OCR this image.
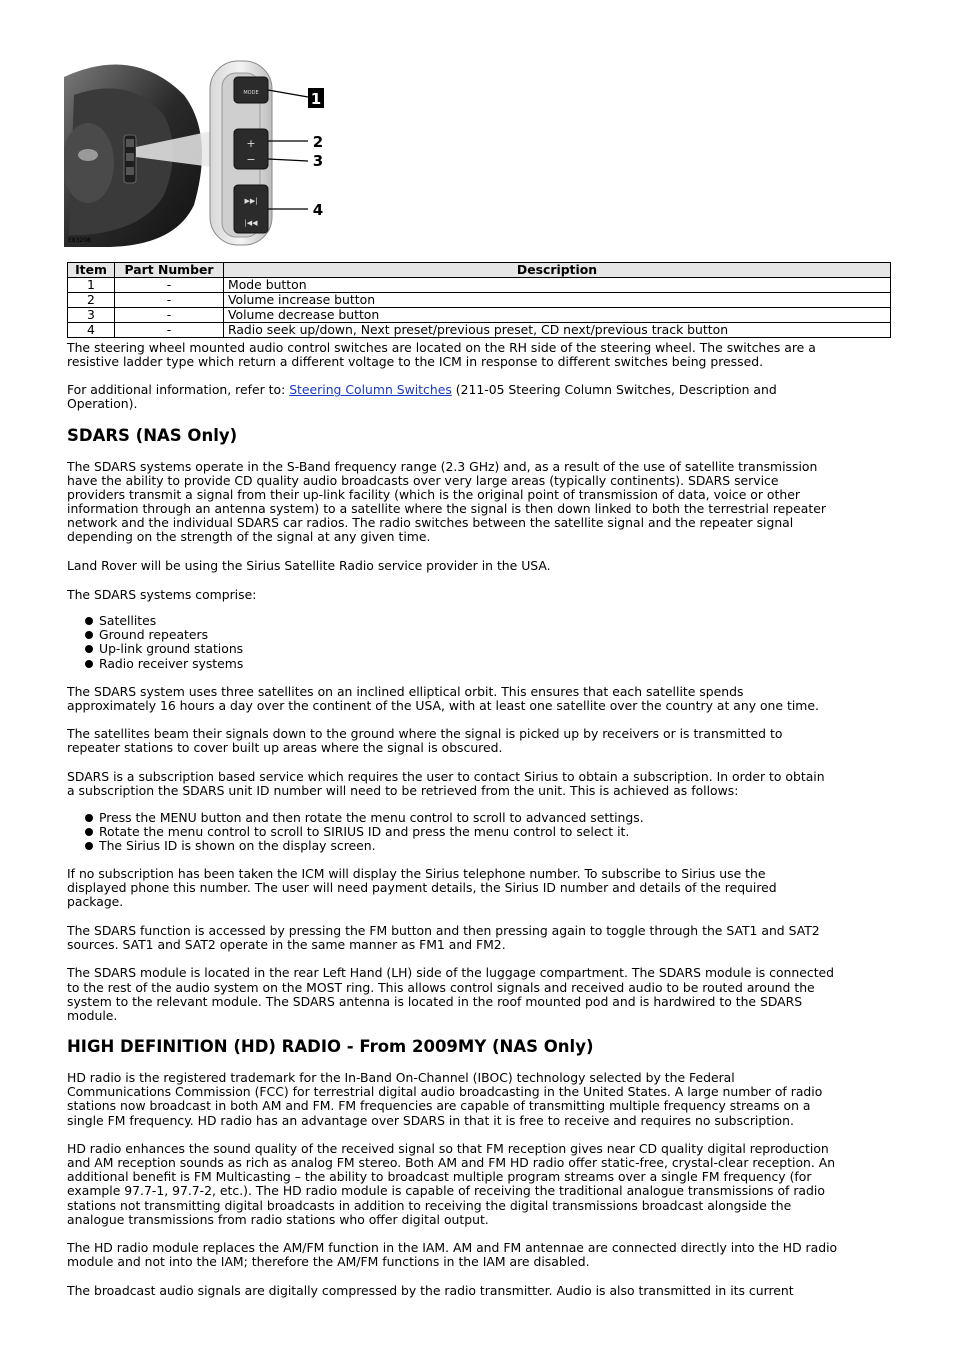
MODE
+
−
▶▶|
|◀◀
1
2
3
4
E83208
Item	Part Number	Description
1	-	Mode button
2	-	Volume increase button
3	-	Volume decrease button
4	-	Radio seek up/down, Next preset/previous preset, CD next/previous track button

The steering wheel mounted audio control switches are located on the RH side of the steering wheel. The switches are a
resistive ladder type which return a different voltage to the ICM in response to different switches being pressed.

For additional information, refer to: Steering Column Switches (211-05 Steering Column Switches, Description and
Operation).

SDARS (NAS Only)

The SDARS systems operate in the S-Band frequency range (2.3 GHz) and, as a result of the use of satellite transmission
have the ability to provide CD quality audio broadcasts over very large areas (typically continents). SDARS service
providers transmit a signal from their up-link facility (which is the original point of transmission of data, voice or other
information through an antenna system) to a satellite where the signal is then down linked to both the terrestrial repeater
network and the individual SDARS car radios. The radio switches between the satellite signal and the repeater signal
depending on the strength of the signal at any given time.

Land Rover will be using the Sirius Satellite Radio service provider in the USA.

The SDARS systems comprise:

Satellites
Ground repeaters
Up-link ground stations
Radio receiver systems

The SDARS system uses three satellites on an inclined elliptical orbit. This ensures that each satellite spends
approximately 16 hours a day over the continent of the USA, with at least one satellite over the country at any one time.

The satellites beam their signals down to the ground where the signal is picked up by receivers or is transmitted to
repeater stations to cover built up areas where the signal is obscured.

SDARS is a subscription based service which requires the user to contact Sirius to obtain a subscription. In order to obtain
a subscription the SDARS unit ID number will need to be retrieved from the unit. This is achieved as follows:

Press the MENU button and then rotate the menu control to scroll to advanced settings.
Rotate the menu control to scroll to SIRIUS ID and press the menu control to select it.
The Sirius ID is shown on the display screen.

If no subscription has been taken the ICM will display the Sirius telephone number. To subscribe to Sirius use the
displayed phone this number. The user will need payment details, the Sirius ID number and details of the required
package.

The SDARS function is accessed by pressing the FM button and then pressing again to toggle through the SAT1 and SAT2
sources. SAT1 and SAT2 operate in the same manner as FM1 and FM2.

The SDARS module is located in the rear Left Hand (LH) side of the luggage compartment. The SDARS module is connected
to the rest of the audio system on the MOST ring. This allows control signals and received audio to be routed around the
system to the relevant module. The SDARS antenna is located in the roof mounted pod and is hardwired to the SDARS
module.

HIGH DEFINITION (HD) RADIO - From 2009MY (NAS Only)

HD radio is the registered trademark for the In-Band On-Channel (IBOC) technology selected by the Federal
Communications Commission (FCC) for terrestrial digital audio broadcasting in the United States. A large number of radio
stations now broadcast in both AM and FM. FM frequencies are capable of transmitting multiple frequency streams on a
single FM frequency. HD radio has an advantage over SDARS in that it is free to receive and requires no subscription.

HD radio enhances the sound quality of the received signal so that FM reception gives near CD quality digital reproduction
and AM reception sounds as rich as analog FM stereo. Both AM and FM HD radio offer static-free, crystal-clear reception. An
additional benefit is FM Multicasting – the ability to broadcast multiple program streams over a single FM frequency (for
example 97.7-1, 97.7-2, etc.). The HD radio module is capable of receiving the traditional analogue transmissions of radio
stations not transmitting digital broadcasts in addition to receiving the digital transmissions broadcast alongside the
analogue transmissions from radio stations who offer digital output.

The HD radio module replaces the AM/FM function in the IAM. AM and FM antennae are connected directly into the HD radio
module and not into the IAM; therefore the AM/FM functions in the IAM are disabled.

The broadcast audio signals are digitally compressed by the radio transmitter. Audio is also transmitted in its current
